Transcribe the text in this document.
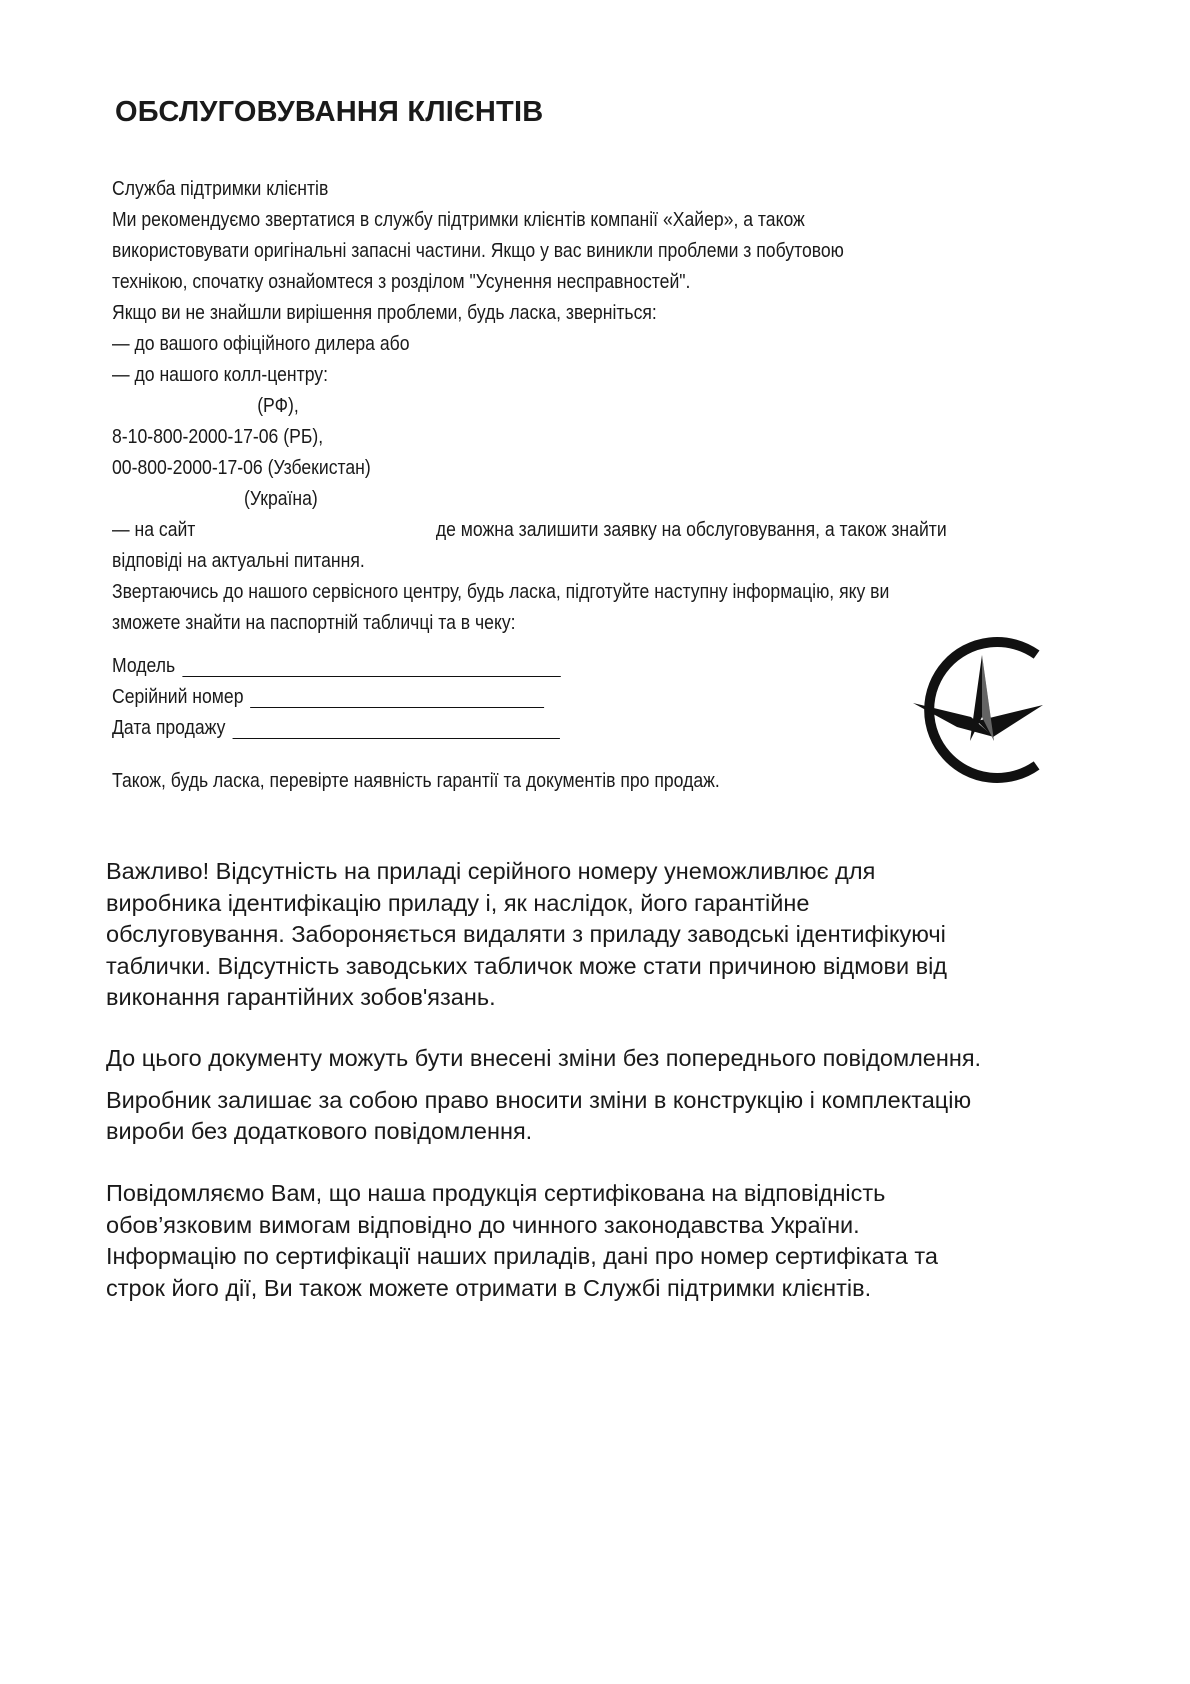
ОБСЛУГОВУВАННЯ КЛІЄНТІВ

Служба підтримки клієнтів

Ми рекомендуємо звертатися в службу підтримки клієнтів компанії «Хайер», а також

використовувати оригінальні запасні частини. Якщо у вас виникли проблеми з побутовою

технікою, спочатку ознайомтеся з розділом "Усунення несправностей".

Якщо ви не знайшли вирішення проблеми, будь ласка, зверніться:

— до вашого офіційного дилера або

— до нашого колл-центру:

(РФ),

8-10-800-2000-17-06 (РБ),

00-800-2000-17-06 (Узбекистан)

(Україна)

— на сайт	де можна залишити заявку на обслуговування, а також знайти

відповіді на актуальні питання.

Звертаючись до нашого сервісного центру, будь ласка, підготуйте наступну інформацію, яку ви

зможете знайти на паспортній табличці та в чеку:

Модель
Серійний номер
Дата продажу

Також, будь ласка, перевірте наявність гарантії та документів про продаж.

Важливо! Відсутність на приладі серійного номеру унеможливлює для

виробника ідентифікацію приладу і, як наслідок, його гарантійне

обслуговування. Забороняється видаляти з приладу заводські ідентифікуючі

таблички. Відсутність заводських табличок може стати причиною відмови від

виконання гарантійних зобов'язань.

До цього документу можуть бути внесені зміни без попереднього повідомлення.

Виробник залишає за собою право вносити зміни в конструкцію і комплектацію

вироби без додаткового повідомлення.

Повідомляємо Вам, що наша продукція сертифікована на відповідність

обов’язковим вимогам відповідно до чинного законодавства України.

Інформацію по сертифікації наших приладів, дані про номер сертифіката та

строк його дії, Ви також можете отримати в Службі підтримки клієнтів.
